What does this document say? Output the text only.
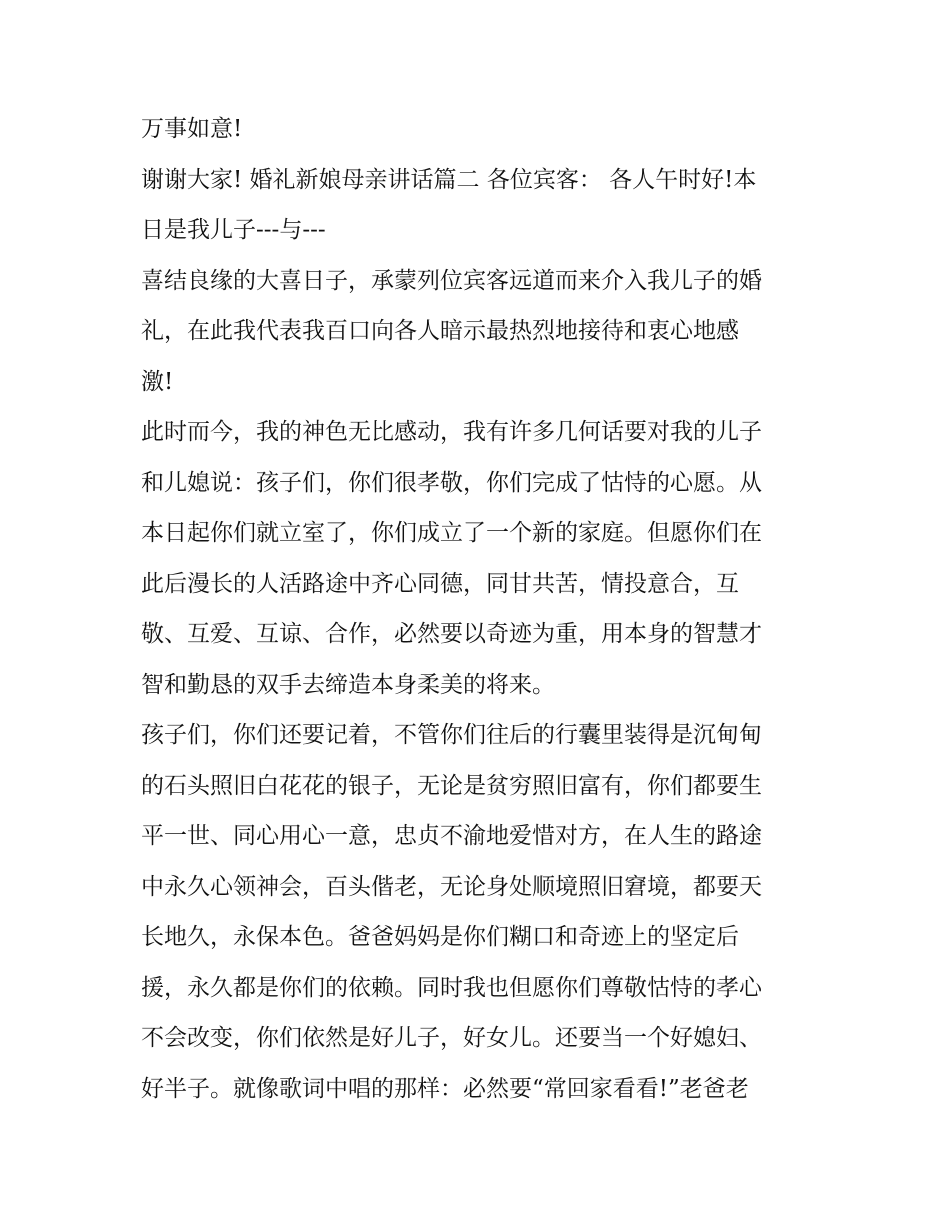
万事如意!
谢谢大家! 婚礼新娘母亲讲话篇二 各位宾客： 各人午时好!本
日是我儿子---与---
喜结良缘的大喜日子，承蒙列位宾客远道而来介入我儿子的婚
礼，在此我代表我百口向各人暗示最热烈地接待和衷心地感
激!
此时而今，我的神色无比感动，我有许多几何话要对我的儿子
和儿媳说：孩子们，你们很孝敬，你们完成了怙恃的心愿。从
本日起你们就立室了，你们成立了一个新的家庭。但愿你们在
此后漫长的人活路途中齐心同德，同甘共苦，情投意合，互
敬、互爱、互谅、合作，必然要以奇迹为重，用本身的智慧才
智和勤恳的双手去缔造本身柔美的将来。
孩子们，你们还要记着，不管你们往后的行囊里装得是沉甸甸
的石头照旧白花花的银子，无论是贫穷照旧富有，你们都要生
平一世、同心用心一意，忠贞不渝地爱惜对方，在人生的路途
中永久心领神会，百头偕老，无论身处顺境照旧窘境，都要天
长地久，永保本色。爸爸妈妈是你们糊口和奇迹上的坚定后
援，永久都是你们的依赖。同时我也但愿你们尊敬怙恃的孝心
不会改变，你们依然是好儿子，好女儿。还要当一个好媳妇、
好半子。就像歌词中唱的那样：必然要“常回家看看!”老爸老
